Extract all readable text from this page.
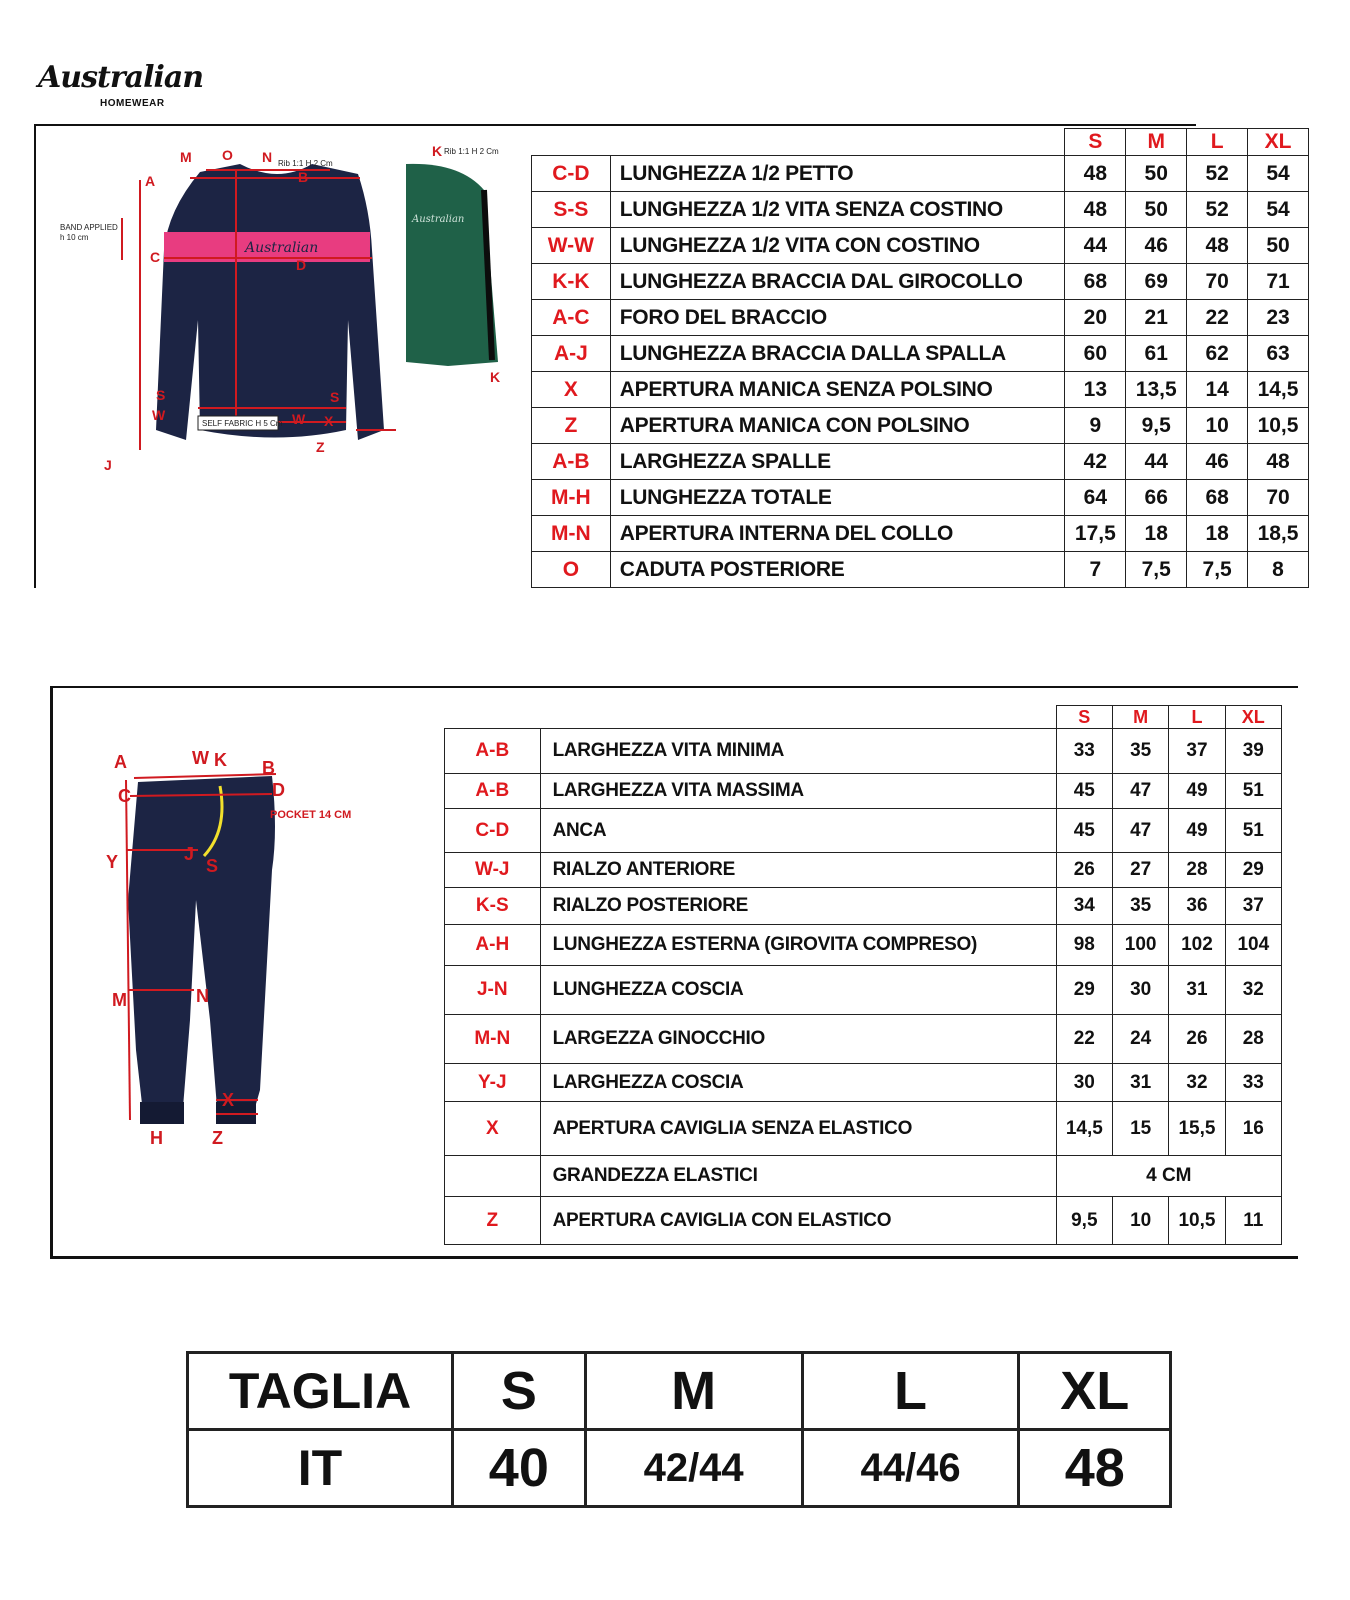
Australian
HOMEWEAR
Australian
M O N
A	B
C	D
S
W
S
W X
Z
J
K
K
Rib 1:1 H 2 Cm
BAND APPLIED
h 10 cm
Rib 1:1 H 2 Cm
SELF FABRIC H 5 Cm
Australian
		S	M	L	XL
C-D	LUNGHEZZA 1/2 PETTO	48	50	52	54
S-S	LUNGHEZZA 1/2 VITA SENZA COSTINO	48	50	52	54
W-W	LUNGHEZZA 1/2 VITA CON COSTINO	44	46	48	50
K-K	LUNGHEZZA BRACCIA DAL GIROCOLLO	68	69	70	71
A-C	FORO DEL BRACCIO	20	21	22	23
A-J	LUNGHEZZA BRACCIA DALLA SPALLA	60	61	62	63
X	APERTURA MANICA SENZA POLSINO	13	13,5	14	14,5
Z	APERTURA MANICA CON POLSINO	9	9,5	10	10,5
A-B	LARGHEZZA SPALLE	42	44	46	48
M-H	LUNGHEZZA TOTALE	64	66	68	70
M-N	APERTURA INTERNA DEL COLLO	17,5	18	18	18,5
O	CADUTA POSTERIORE	7	7,5	7,5	8
A	W K B
C	D
Y	J
S
M	N
X
H	Z
POCKET 14 CM
		S	M	L	XL
A-B	LARGHEZZA VITA MINIMA	33	35	37	39
A-B	LARGHEZZA VITA MASSIMA	45	47	49	51
C-D	ANCA	45	47	49	51
W-J	RIALZO ANTERIORE	26	27	28	29
K-S	RIALZO POSTERIORE	34	35	36	37
A-H	LUNGHEZZA ESTERNA (GIROVITA COMPRESO)	98	100	102	104
J-N	LUNGHEZZA COSCIA	29	30	31	32
M-N	LARGEZZA GINOCCHIO	22	24	26	28
Y-J	LARGHEZZA COSCIA	30	31	32	33
X	APERTURA CAVIGLIA SENZA ELASTICO	14,5	15	15,5	16
	GRANDEZZA ELASTICI	4 CM			
Z	APERTURA CAVIGLIA CON ELASTICO	9,5	10	10,5	11
TAGLIA	S	M	L	XL
IT	40	42/44	44/46	48
